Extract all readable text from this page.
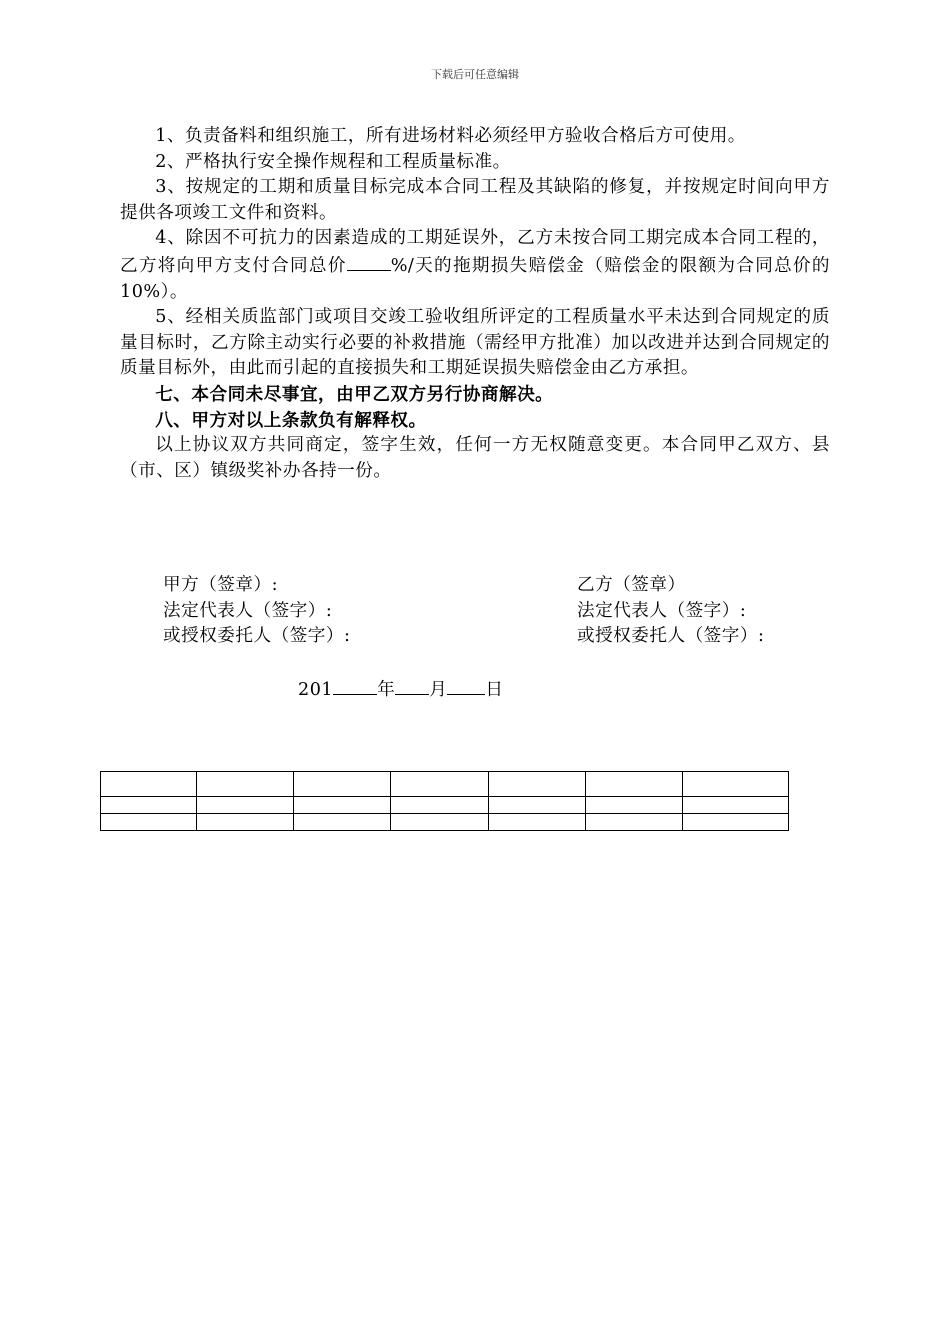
下载后可任意编辑

1、负责备料和组织施工，所有进场材料必须经甲方验收合格后方可使用。

2、严格执行安全操作规程和工程质量标准。

3、按规定的工期和质量目标完成本合同工程及其缺陷的修复，并按规定时间向甲方提供各项竣工文件和资料。

4、除因不可抗力的因素造成的工期延误外，乙方未按合同工期完成本合同工程的，乙方将向甲方支付合同总价	%/天的拖期损失赔偿金（赔偿金的限额为合同总价的10%）。

5、经相关质监部门或项目交竣工验收组所评定的工程质量水平未达到合同规定的质量目标时，乙方除主动实行必要的补救措施（需经甲方批准）加以改进并达到合同规定的质量目标外，由此而引起的直接损失和工期延误损失赔偿金由乙方承担。

七、本合同未尽事宜，由甲乙双方另行协商解决。

八、甲方对以上条款负有解释权。

以上协议双方共同商定，签字生效，任何一方无权随意变更。本合同甲乙双方、县（市、区）镇级奖补办各持一份。

甲方（签章）:
法定代表人（签字）:
或授权委托人（签字）:
乙方（签章）
法定代表人（签字）:
或授权委托人（签字）:
201	年 月 日
